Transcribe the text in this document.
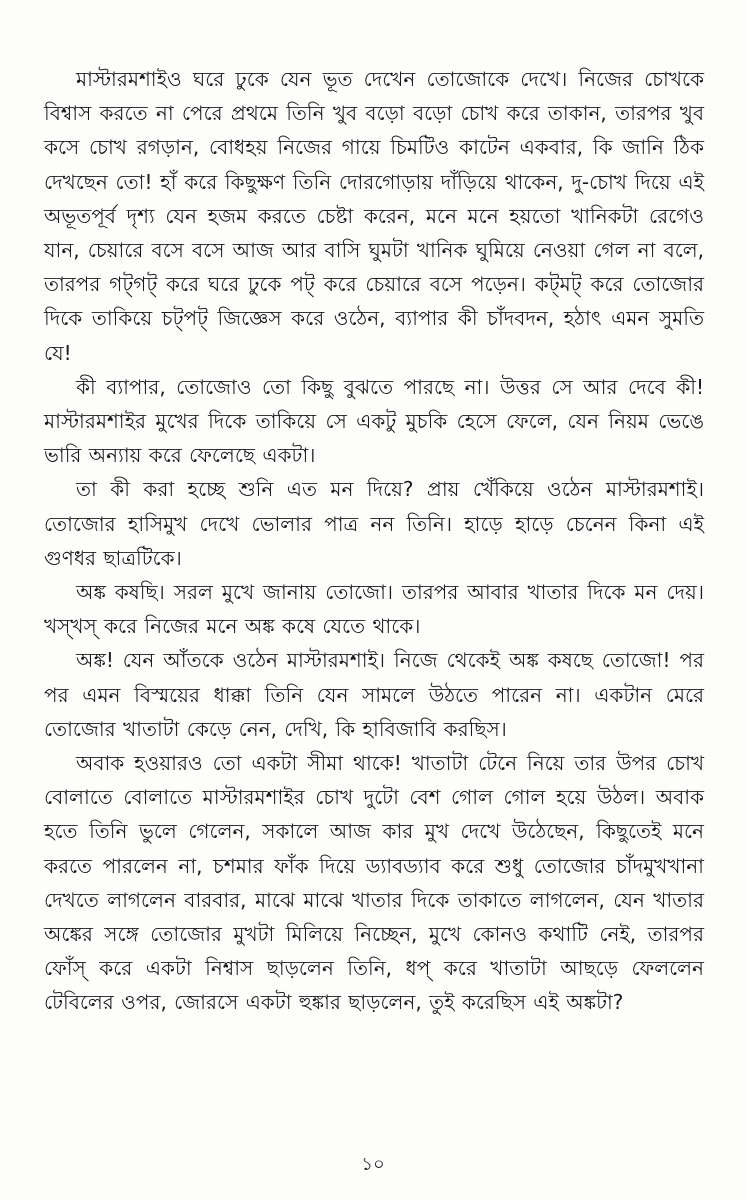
মাস্টারমশাইও ঘরে ঢুকে যেন ভূত দেখেন তোজোকে দেখে। নিজের চোখকে বিশ্বাস করতে না পেরে প্রথমে তিনি খুব বড়ো বড়ো চোখ করে তাকান, তারপর খুব কসে চোখ রগড়ান, বোধহয় নিজের গায়ে চিমটিও কাটেন একবার, কি জানি ঠিক দেখছেন তো! হাঁ করে কিছুক্ষণ তিনি দোরগোড়ায় দাঁড়িয়ে থাকেন, দু-চোখ দিয়ে এই অভূতপূর্ব দৃশ্য যেন হজম করতে চেষ্টা করেন, মনে মনে হয়তো খানিকটা রেগেও যান, চেয়ারে বসে বসে আজ আর বাসি ঘুমটা খানিক ঘুমিয়ে নেওয়া গেল না বলে, তারপর গট্‌গট্‌ করে ঘরে ঢুকে পট্‌ করে চেয়ারে বসে পড়েন। কট্‌মট্‌ করে তোজোর দিকে তাকিয়ে চট্‌পট্‌ জিজ্ঞেস করে ওঠেন, ব্যাপার কী চাঁদবদন, হঠাৎ এমন সুমতি যে!

কী ব্যাপার, তোজোও তো কিছু বুঝতে পারছে না। উত্তর সে আর দেবে কী! মাস্টারমশাইর মুখের দিকে তাকিয়ে সে একটু মুচকি হেসে ফেলে, যেন নিয়ম ভেঙে ভারি অন্যায় করে ফেলেছে একটা।

তা কী করা হচ্ছে শুনি এত মন দিয়ে? প্রায় খেঁকিয়ে ওঠেন মাস্টারমশাই। তোজোর হাসিমুখ দেখে ভোলার পাত্র নন তিনি। হাড়ে হাড়ে চেনেন কিনা এই গুণধর ছাত্রটিকে।

অঙ্ক কষছি। সরল মুখে জানায় তোজো। তারপর আবার খাতার দিকে মন দেয়। খস্‌খস্‌ করে নিজের মনে অঙ্ক কষে যেতে থাকে।

অঙ্ক! যেন আঁতকে ওঠেন মাস্টারমশাই। নিজে থেকেই অঙ্ক কষছে তোজো! পর পর এমন বিস্ময়ের ধাক্কা তিনি যেন সামলে উঠতে পারেন না। একটান মেরে তোজোর খাতাটা কেড়ে নেন, দেখি, কি হাবিজাবি করছিস।

অবাক হওয়ারও তো একটা সীমা থাকে! খাতাটা টেনে নিয়ে তার উপর চোখ বোলাতে বোলাতে মাস্টারমশাইর চোখ দুটো বেশ গোল গোল হয়ে উঠল। অবাক হতে তিনি ভুলে গেলেন, সকালে আজ কার মুখ দেখে উঠেছেন, কিছুতেই মনে করতে পারলেন না, চশমার ফাঁক দিয়ে ড্যাবড্যাব করে শুধু তোজোর চাঁদমুখখানা দেখতে লাগলেন বারবার, মাঝে মাঝে খাতার দিকে তাকাতে লাগলেন, যেন খাতার অঙ্কের সঙ্গে তোজোর মুখটা মিলিয়ে নিচ্ছেন, মুখে কোনও কথাটি নেই, তারপর ফোঁস্‌ করে একটা নিশ্বাস ছাড়লেন তিনি, ধপ্‌ করে খাতাটা আছড়ে ফেললেন টেবিলের ওপর, জোরসে একটা হুঙ্কার ছাড়লেন, তুই করেছিস এই অঙ্কটা?

১০
